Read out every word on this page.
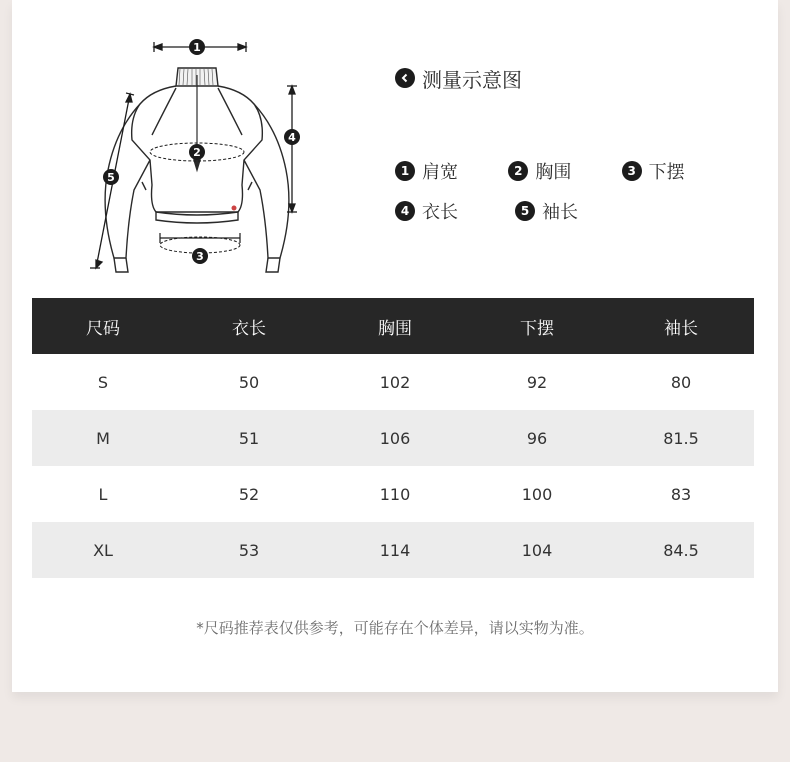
1
2
3
4
5
测量示意图
1 肩宽	2 胸围	3 下摆
4 衣长	5 袖长
尺码	衣长	胸围	下摆	袖长
S	50	102	92	80
M	51	106	96	81.5
L	52	110	100	83
XL	53	114	104	84.5
*尺码推荐表仅供参考，可能存在个体差异，请以实物为准。
